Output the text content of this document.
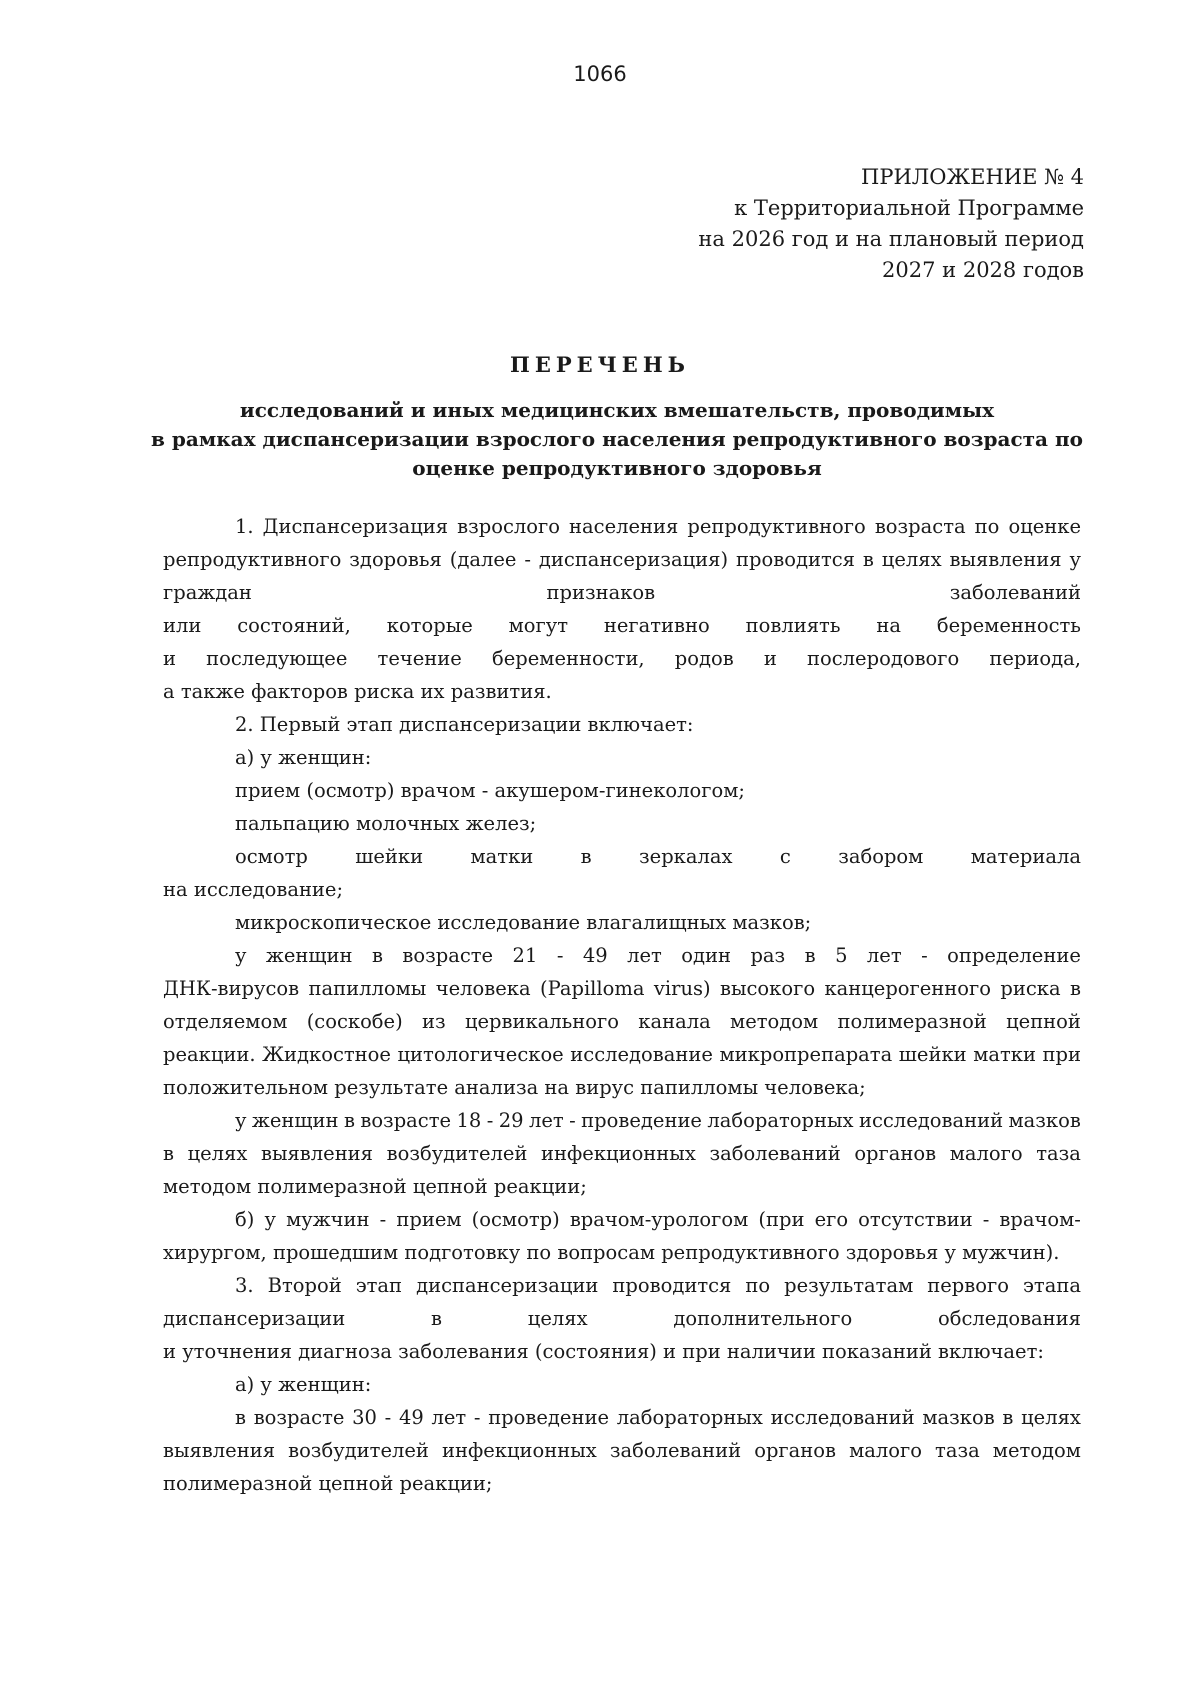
1066
ПРИЛОЖЕНИЕ № 4
к Территориальной Программе
на 2026 год и на плановый период
2027 и 2028 годов
ПЕРЕЧЕНЬ
исследований и иных медицинских вмешательств, проводимых
в рамках диспансеризации взрослого населения репродуктивного возраста по
оценке репродуктивного здоровья
1. Диспансеризация взрослого населения репродуктивного возраста по оценке
репродуктивного здоровья (далее - диспансеризация) проводится в целях выявления у
граждан	признаков	заболеваний
или состояний, которые могут негативно повлиять на беременность
и последующее течение беременности, родов и послеродового периода,
а также факторов риска их развития.
2. Первый этап диспансеризации включает:
а) у женщин:
прием (осмотр) врачом - акушером-гинекологом;
пальпацию молочных желез;
осмотр шейки матки в зеркалах с забором материала
на исследование;
микроскопическое исследование влагалищных мазков;
у женщин в возрасте 21 - 49 лет один раз в 5 лет - определение
ДНК-вирусов папилломы человека (Papilloma virus) высокого канцерогенного риска в
отделяемом (соскобе) из цервикального канала методом полимеразной цепной
реакции. Жидкостное цитологическое исследование микропрепарата шейки матки при
положительном результате анализа на вирус папилломы человека;
у женщин в возрасте 18 - 29 лет - проведение лабораторных исследований мазков
в целях выявления возбудителей инфекционных заболеваний органов малого таза
методом полимеразной цепной реакции;
б) у мужчин - прием (осмотр) врачом-урологом (при его отсутствии - врачом-
хирургом, прошедшим подготовку по вопросам репродуктивного здоровья у мужчин).
3. Второй этап диспансеризации проводится по результатам первого этапа
диспансеризации	в	целях	дополнительного	обследования
и уточнения диагноза заболевания (состояния) и при наличии показаний включает:
а) у женщин:
в возрасте 30 - 49 лет - проведение лабораторных исследований мазков в целях
выявления возбудителей инфекционных заболеваний органов малого таза методом
полимеразной цепной реакции;
